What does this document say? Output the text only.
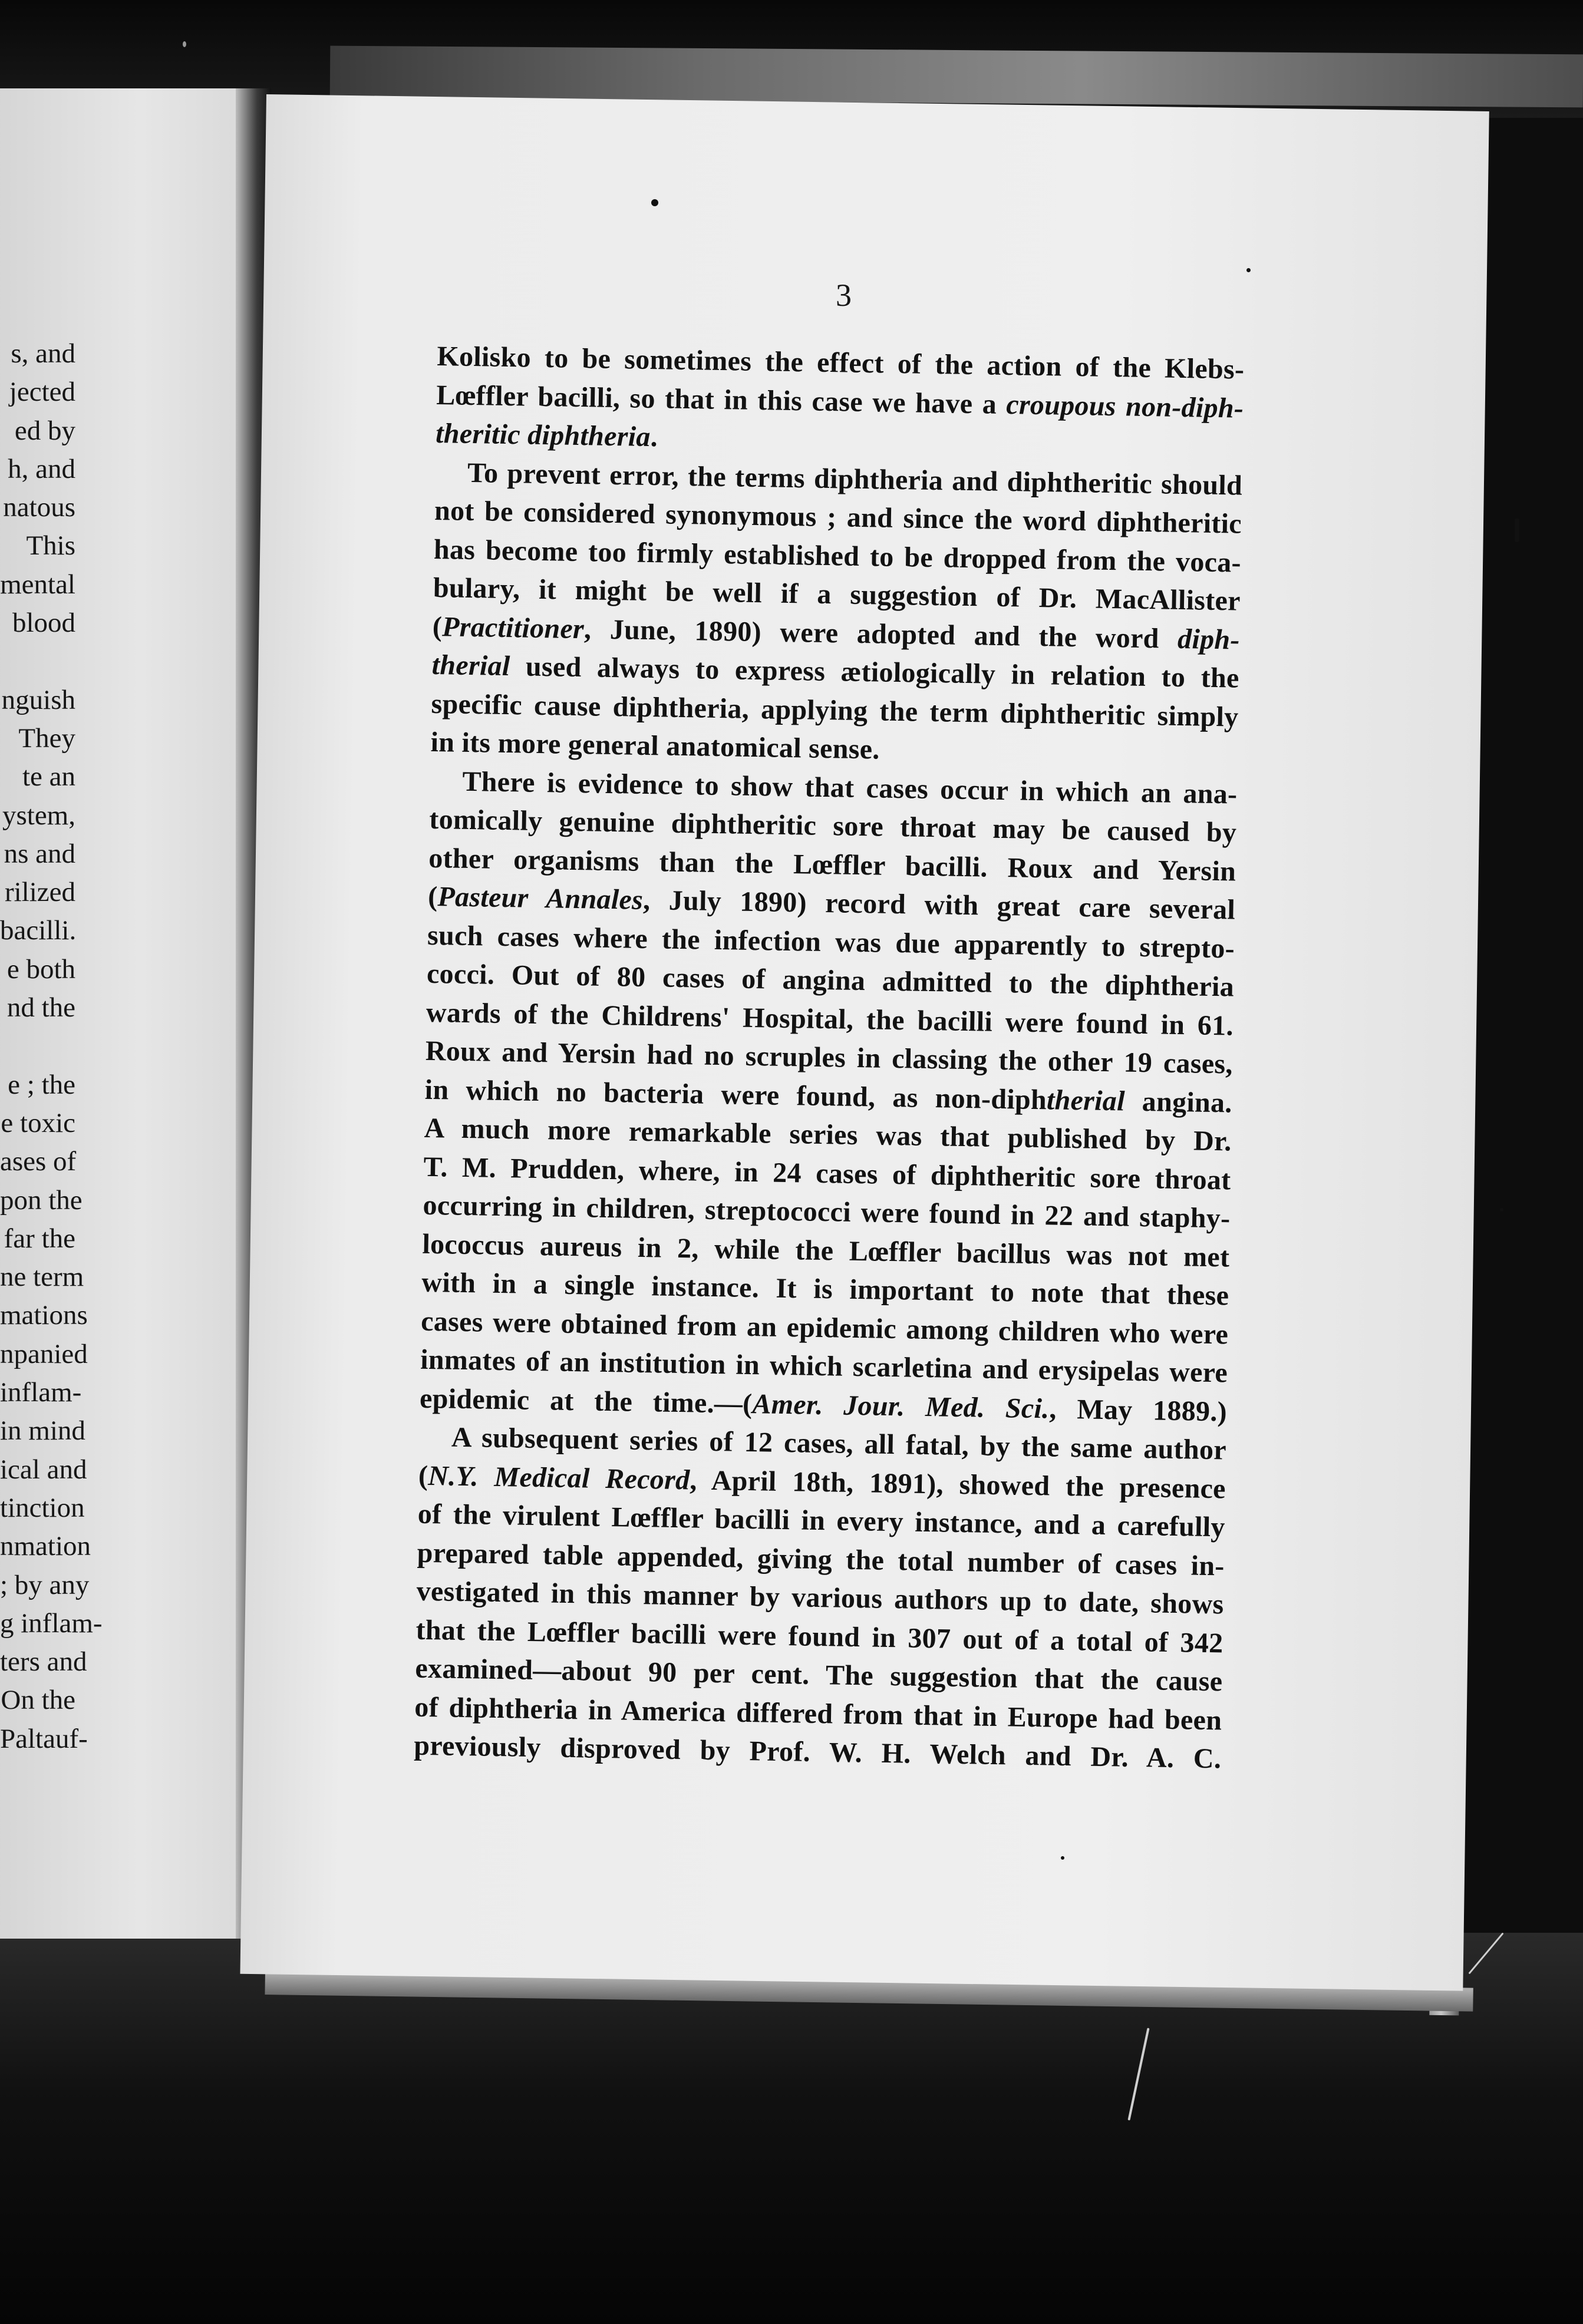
s, and
jected
ed by
h, and
natous
This
mental
blood

nguish
They
te an
ystem,
ns and
rilized
bacilli.
e both
nd the

e ; the
e toxic
ases of
pon the
far the
ne term
mations
npanied
inflam-
in mind
ical and
tinction
nmation
; by any
g inflam-
ters and
On the
Paltauf-
3
Kolisko to be sometimes the effect of the action of the Klebs-
Lœffler bacilli, so that in this case we have a croupous non-diph-
theritic diphtheria.
To prevent error, the terms diphtheria and diphtheritic should
not be considered synonymous ; and since the word diphtheritic
has become too firmly established to be dropped from the voca-
bulary, it might be well if a suggestion of Dr. MacAllister
(Practitioner, June, 1890) were adopted and the word diph-
therial used always to express ætiologically in relation to the
specific cause diphtheria, applying the term diphtheritic simply
in its more general anatomical sense.
There is evidence to show that cases occur in which an ana-
tomically genuine diphtheritic sore throat may be caused by
other organisms than the Lœffler bacilli. Roux and Yersin
(Pasteur Annales, July 1890) record with great care several
such cases where the infection was due apparently to strepto-
cocci. Out of 80 cases of angina admitted to the diphtheria
wards of the Childrens' Hospital, the bacilli were found in 61.
Roux and Yersin had no scruples in classing the other 19 cases,
in which no bacteria were found, as non-diphtherial angina.
A much more remarkable series was that published by Dr.
T. M. Prudden, where, in 24 cases of diphtheritic sore throat
occurring in children, streptococci were found in 22 and staphy-
lococcus aureus in 2, while the Lœffler bacillus was not met
with in a single instance. It is important to note that these
cases were obtained from an epidemic among children who were
inmates of an institution in which scarletina and erysipelas were
epidemic at the time.—(Amer. Jour. Med. Sci., May 1889.)
A subsequent series of 12 cases, all fatal, by the same author
(N.Y. Medical Record, April 18th, 1891), showed the presence
of the virulent Lœffler bacilli in every instance, and a carefully
prepared table appended, giving the total number of cases in-
vestigated in this manner by various authors up to date, shows
that the Lœffler bacilli were found in 307 out of a total of 342
examined—about 90 per cent. The suggestion that the cause
of diphtheria in America differed from that in Europe had been
previously disproved by Prof. W. H. Welch and Dr. A. C.
